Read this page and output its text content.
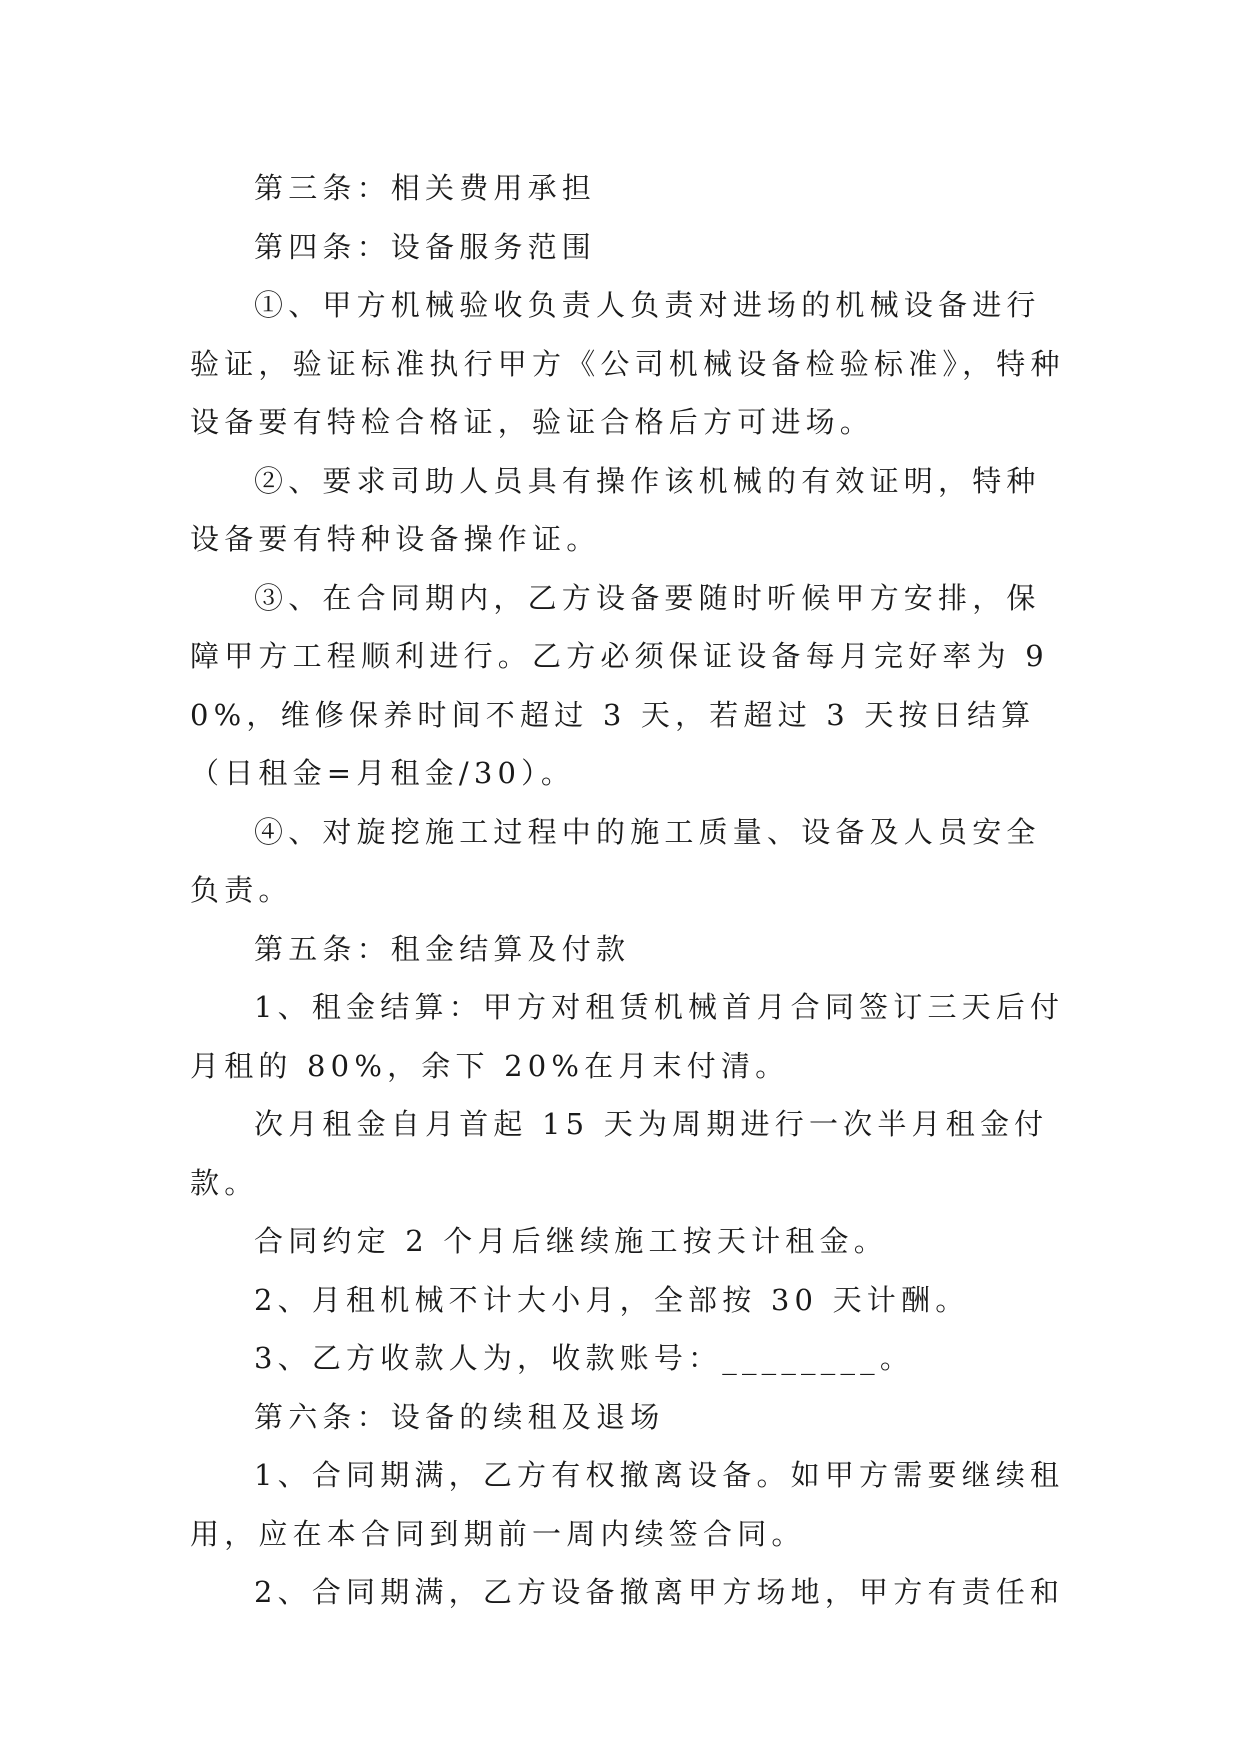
第三条：相关费用承担

第四条：设备服务范围

①、甲方机械验收负责人负责对进场的机械设备进行验证，验证标准执行甲方《公司机械设备检验标准》，特种设备要有特检合格证，验证合格后方可进场。

②、要求司助人员具有操作该机械的有效证明，特种设备要有特种设备操作证。

③、在合同期内，乙方设备要随时听候甲方安排，保障甲方工程顺利进行。乙方必须保证设备每月完好率为 90%，维修保养时间不超过 3 天，若超过 3 天按日结算（日租金=月租金/30）。

④、对旋挖施工过程中的施工质量、设备及人员安全负责。

第五条：租金结算及付款

1、租金结算：甲方对租赁机械首月合同签订三天后付月租的 80%，余下 20%在月末付清。

次月租金自月首起 15 天为周期进行一次半月租金付款。

合同约定 2 个月后继续施工按天计租金。

2、月租机械不计大小月，全部按 30 天计酬。

3、乙方收款人为，收款账号：________。

第六条：设备的续租及退场

1、合同期满，乙方有权撤离设备。如甲方需要继续租用，应在本合同到期前一周内续签合同。

2、合同期满，乙方设备撤离甲方场地，甲方有责任和
